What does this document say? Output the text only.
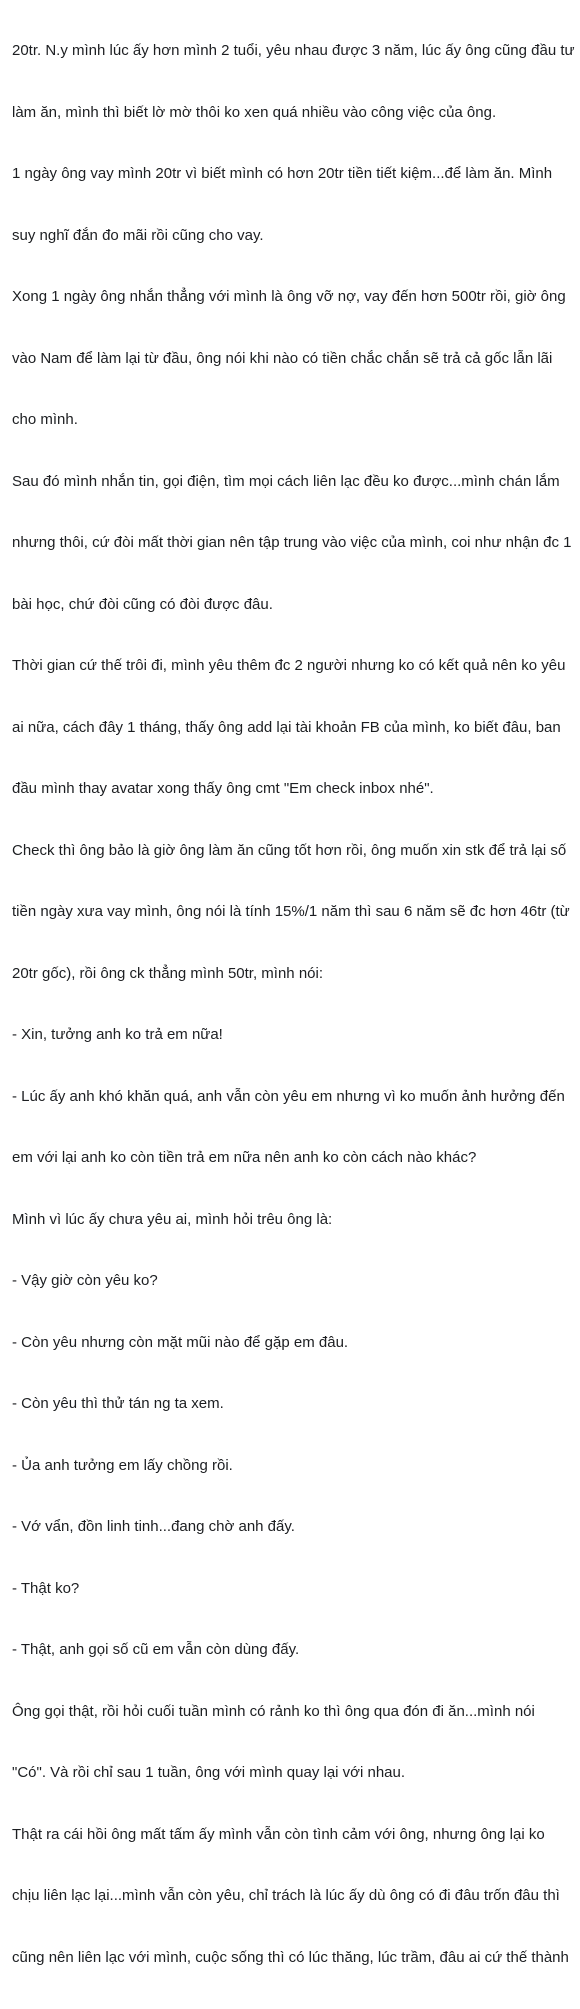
20tr. N.y mình lúc ấy hơn mình 2 tuổi, yêu nhau được 3 năm, lúc ấy ông cũng đầu tư

làm ăn, mình thì biết lờ mờ thôi ko xen quá nhiều vào công việc của ông.

1 ngày ông vay mình 20tr vì biết mình có hơn 20tr tiền tiết kiệm...để làm ăn. Mình

suy nghĩ đắn đo mãi rồi cũng cho vay.

Xong 1 ngày ông nhắn thẳng với mình là ông vỡ nợ, vay đến hơn 500tr rồi, giờ ông

vào Nam để làm lại từ đầu, ông nói khi nào có tiền chắc chắn sẽ trả cả gốc lẫn lãi

cho mình.

Sau đó mình nhắn tin, gọi điện, tìm mọi cách liên lạc đều ko được...mình chán lắm

nhưng thôi, cứ đòi mất thời gian nên tập trung vào việc của mình, coi như nhận đc 1

bài học, chứ đòi cũng có đòi được đâu.

Thời gian cứ thế trôi đi, mình yêu thêm đc 2 người nhưng ko có kết quả nên ko yêu

ai nữa, cách đây 1 tháng, thấy ông add lại tài khoản FB của mình, ko biết đâu, ban

đầu mình thay avatar xong thấy ông cmt "Em check inbox nhé".

Check thì ông bảo là giờ ông làm ăn cũng tốt hơn rồi, ông muốn xin stk để trả lại số

tiền ngày xưa vay mình, ông nói là tính 15%/1 năm thì sau 6 năm sẽ đc hơn 46tr (từ

20tr gốc), rồi ông ck thẳng mình 50tr, mình nói:

- Xin, tưởng anh ko trả em nữa!

- Lúc ấy anh khó khăn quá, anh vẫn còn yêu em nhưng vì ko muốn ảnh hưởng đến

em với lại anh ko còn tiền trả em nữa nên anh ko còn cách nào khác?

Mình vì lúc ấy chưa yêu ai, mình hỏi trêu ông là:

- Vậy giờ còn yêu ko?

- Còn yêu nhưng còn mặt mũi nào để gặp em đâu.

- Còn yêu thì thử tán ng ta xem.

- Ủa anh tưởng em lấy chồng rồi.

- Vớ vẩn, đồn linh tinh...đang chờ anh đấy.

- Thật ko?

- Thật, anh gọi số cũ em vẫn còn dùng đấy.

Ông gọi thật, rồi hỏi cuối tuần mình có rảnh ko thì ông qua đón đi ăn...mình nói

"Có". Và rồi chỉ sau 1 tuần, ông với mình quay lại với nhau.

Thật ra cái hồi ông mất tấm ấy mình vẫn còn tình cảm với ông, nhưng ông lại ko

chịu liên lạc lại...mình vẫn còn yêu, chỉ trách là lúc ấy dù ông có đi đâu trốn đâu thì

cũng nên liên lạc với mình, cuộc sống thì có lúc thăng, lúc trầm, đâu ai cứ thế thành
